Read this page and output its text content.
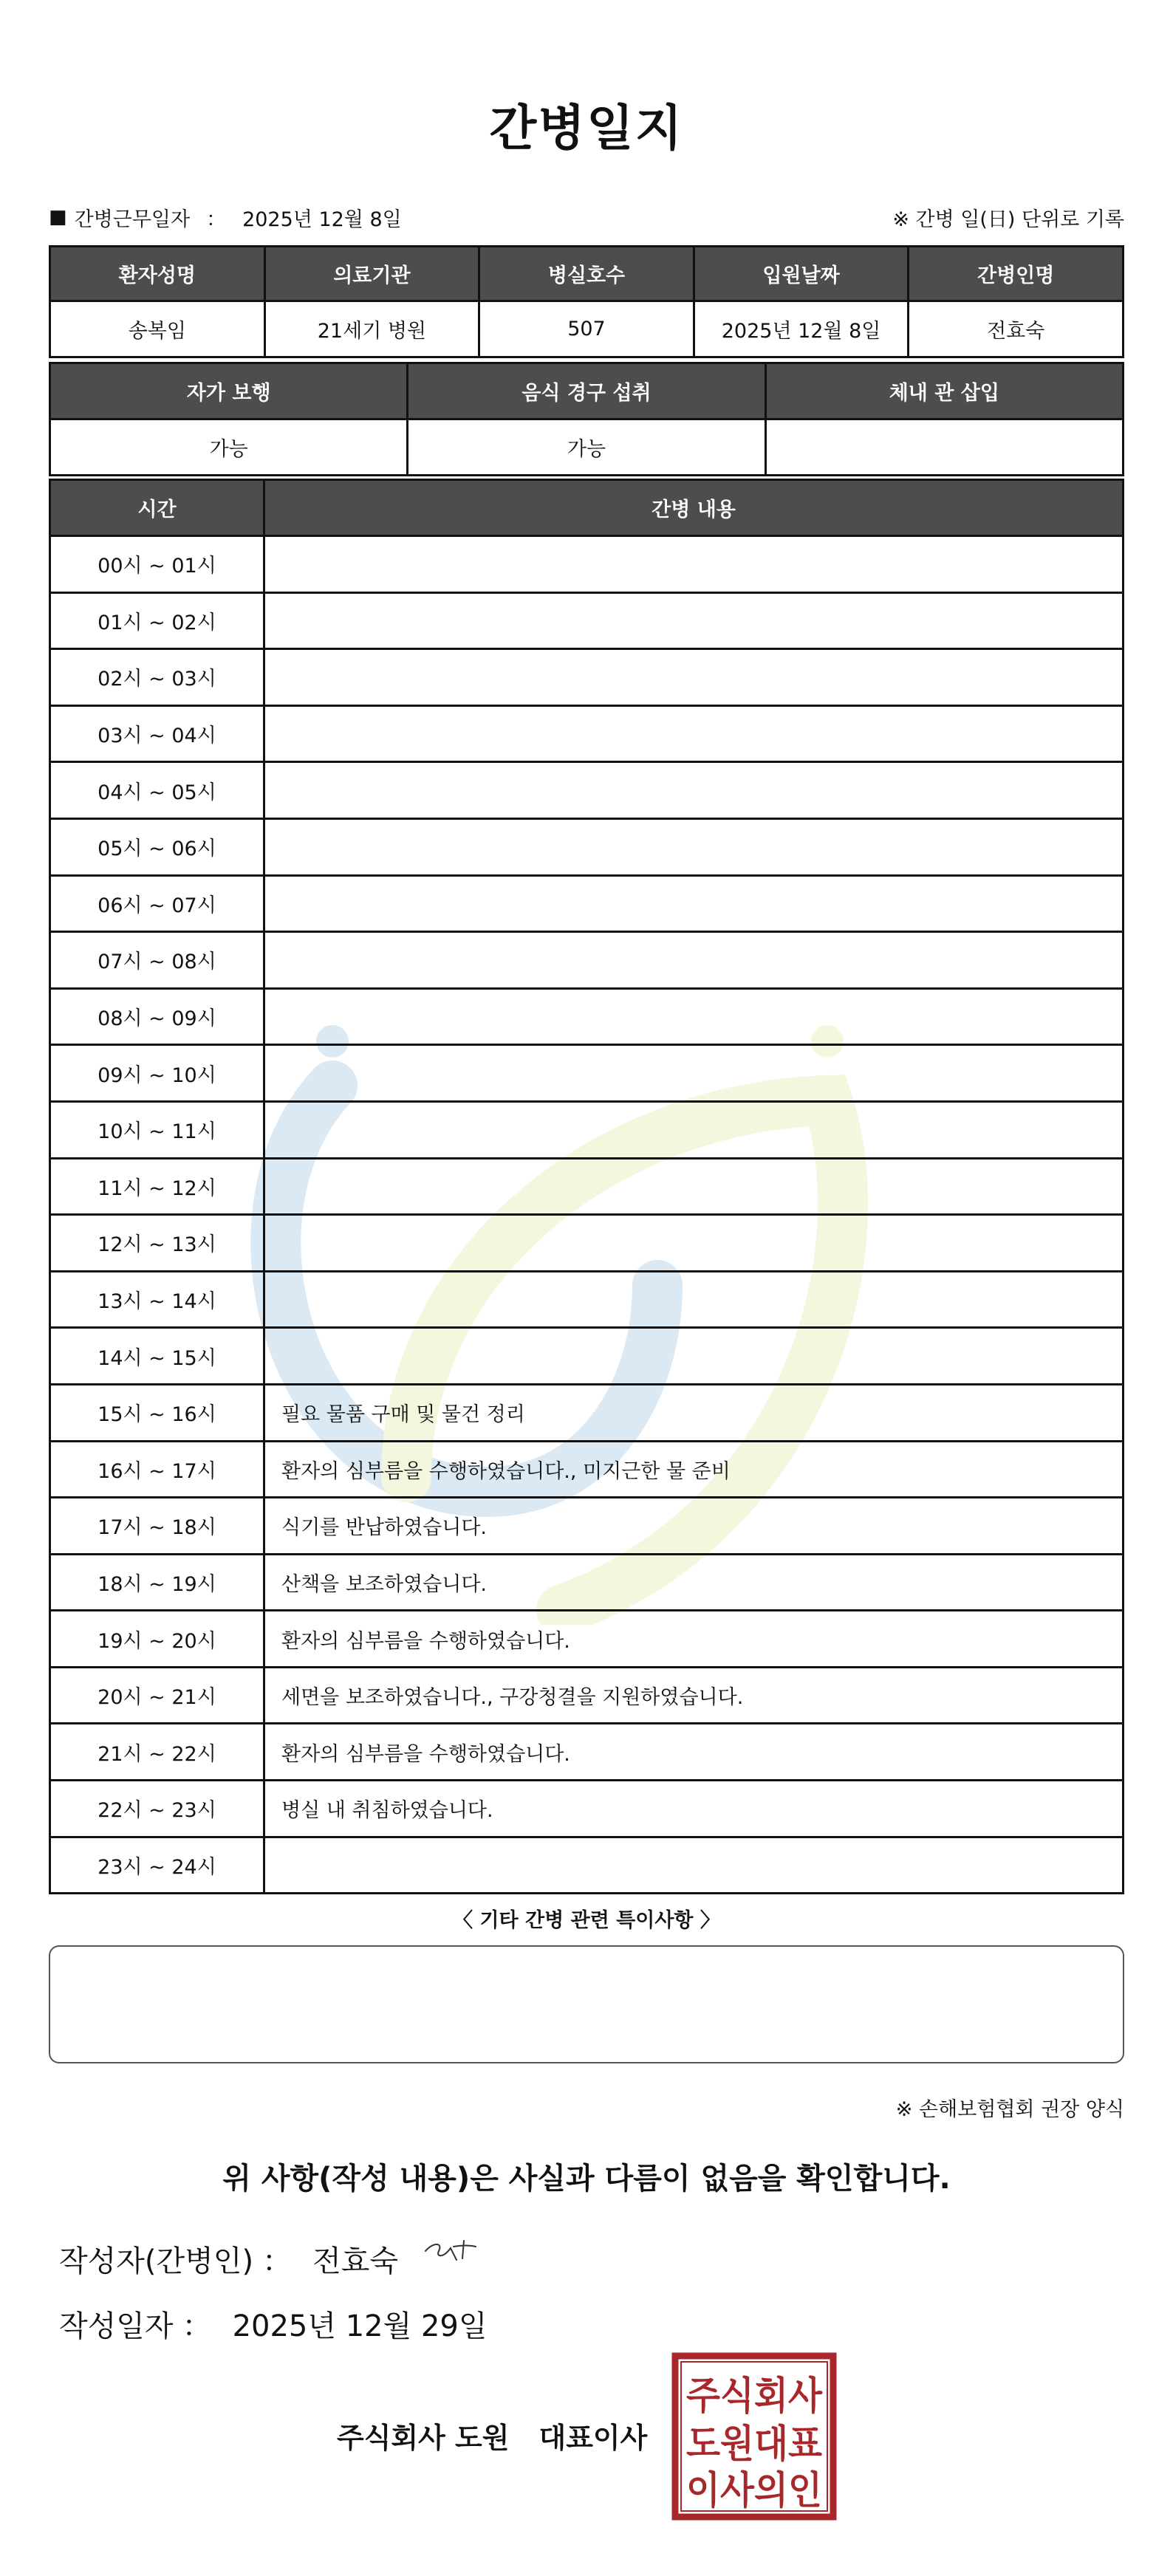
간병일지
■ 간병근무일자 ： 2025년 12월 8일	※ 간병 일(日) 단위로 기록
환자성명	의료기관	병실호수	입원날짜	간병인명
송복임	21세기 병원	507	2025년 12월 8일	전효숙
자가 보행	음식 경구 섭취	체내 관 삽입
가능	가능	
시간	간병 내용
00시 ~ 01시	
01시 ~ 02시	
02시 ~ 03시	
03시 ~ 04시	
04시 ~ 05시	
05시 ~ 06시	
06시 ~ 07시	
07시 ~ 08시	
08시 ~ 09시	
09시 ~ 10시	
10시 ~ 11시	
11시 ~ 12시	
12시 ~ 13시	
13시 ~ 14시	
14시 ~ 15시	
15시 ~ 16시	필요 물품 구매 및 물건 정리
16시 ~ 17시	환자의 심부름을 수행하였습니다., 미지근한 물 준비
17시 ~ 18시	식기를 반납하였습니다.
18시 ~ 19시	산책을 보조하였습니다.
19시 ~ 20시	환자의 심부름을 수행하였습니다.
20시 ~ 21시	세면을 보조하였습니다., 구강청결을 지원하였습니다.
21시 ~ 22시	환자의 심부름을 수행하였습니다.
22시 ~ 23시	병실 내 취침하였습니다.
23시 ~ 24시	
〈 기타 간병 관련 특이사항 〉
※ 손해보험협회 권장 양식
위 사항(작성 내용)은 사실과 다름이 없음을 확인합니다.
작성자(간병인) ： 전효숙
작성일자 ： 2025년 12월 29일
주식회사 도원 대표이사
주식회사
도원대표
이사의인
